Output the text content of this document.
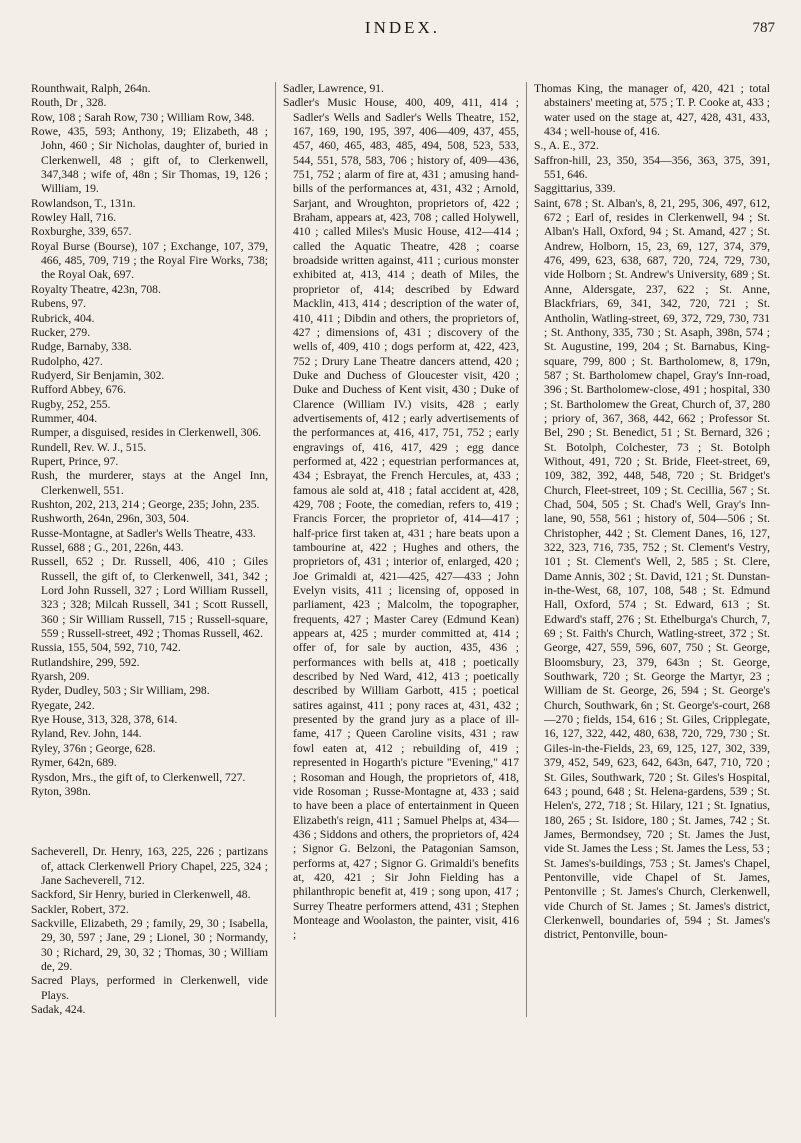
INDEX.	787

Rounthwait, Ralph, 264n.

Routh, Dr , 328.

Row, 108 ; Sarah Row, 730 ; William Row, 348.

Rowe, 435, 593; Anthony, 19; Elizabeth, 48 ; John, 460 ; Sir Nicholas, daughter of, buried in Clerkenwell, 48 ; gift of, to Clerkenwell, 347,348 ; wife of, 48n ; Sir Thomas, 19, 126 ; William, 19.

Rowlandson, T., 131n.

Rowley Hall, 716.

Roxburghe, 339, 657.

Royal Burse (Bourse), 107 ; Exchange, 107, 379, 466, 485, 709, 719 ; the Royal Fire Works, 738; the Royal Oak, 697.

Royalty Theatre, 423n, 708.

Rubens, 97.

Rubrick, 404.

Rucker, 279.

Rudge, Barnaby, 338.

Rudolpho, 427.

Rudyerd, Sir Benjamin, 302.

Rufford Abbey, 676.

Rugby, 252, 255.

Rummer, 404.

Rumper, a disguised, resides in Clerkenwell, 306.

Rundell, Rev. W. J., 515.

Rupert, Prince, 97.

Rush, the murderer, stays at the Angel Inn, Clerkenwell, 551.

Rushton, 202, 213, 214 ; George, 235; John, 235.

Rushworth, 264n, 296n, 303, 504.

Russe-Montagne, at Sadler's Wells Theatre, 433.

Russel, 688 ; G., 201, 226n, 443.

Russell, 652 ; Dr. Russell, 406, 410 ; Giles Russell, the gift of, to Clerkenwell, 341, 342 ; Lord John Russell, 327 ; Lord William Russell, 323 ; 328; Milcah Russell, 341 ; Scott Russell, 360 ; Sir William Russell, 715 ; Russell-square, 559 ; Russell-street, 492 ; Thomas Russell, 462.

Russia, 155, 504, 592, 710, 742.

Rutlandshire, 299, 592.

Ryarsh, 209.

Ryder, Dudley, 503 ; Sir William, 298.

Ryegate, 242.

Rye House, 313, 328, 378, 614.

Ryland, Rev. John, 144.

Ryley, 376n ; George, 628.

Rymer, 642n, 689.

Rysdon, Mrs., the gift of, to Clerkenwell, 727.

Ryton, 398n.

Sacheverell, Dr. Henry, 163, 225, 226 ; partizans of, attack Clerkenwell Priory Chapel, 225, 324 ; Jane Sacheverell, 712.

Sackford, Sir Henry, buried in Clerkenwell, 48.

Sackler, Robert, 372.

Sackville, Elizabeth, 29 ; family, 29, 30 ; Isabella, 29, 30, 597 ; Jane, 29 ; Lionel, 30 ; Normandy, 30 ; Richard, 29, 30, 32 ; Thomas, 30 ; William de, 29.

Sacred Plays, performed in Clerkenwell, vide Plays.

Sadak, 424.

Sadler, Lawrence, 91.

Sadler's Music House, 400, 409, 411, 414 ; Sadler's Wells and Sadler's Wells Theatre, 152, 167, 169, 190, 195, 397, 406—409, 437, 455, 457, 460, 465, 483, 485, 494, 508, 523, 533, 544, 551, 578, 583, 706 ; history of, 409—436, 751, 752 ; alarm of fire at, 431 ; amusing hand-bills of the performances at, 431, 432 ; Arnold, Sarjant, and Wroughton, proprietors of, 422 ; Braham, appears at, 423, 708 ; called Holywell, 410 ; called Miles's Music House, 412—414 ; called the Aquatic Theatre, 428 ; coarse broadside written against, 411 ; curious monster exhibited at, 413, 414 ; death of Miles, the proprietor of, 414; described by Edward Macklin, 413, 414 ; description of the water of, 410, 411 ; Dibdin and others, the proprietors of, 427 ; dimensions of, 431 ; discovery of the wells of, 409, 410 ; dogs perform at, 422, 423, 752 ; Drury Lane Theatre dancers attend, 420 ; Duke and Duchess of Gloucester visit, 420 ; Duke and Duchess of Kent visit, 430 ; Duke of Clarence (William IV.) visits, 428 ; early advertisements of, 412 ; early advertisements of the performances at, 416, 417, 751, 752 ; early engravings of, 416, 417, 429 ; egg dance performed at, 422 ; equestrian performances at, 434 ; Esbrayat, the French Hercules, at, 433 ; famous ale sold at, 418 ; fatal accident at, 428, 429, 708 ; Foote, the comedian, refers to, 419 ; Francis Forcer, the proprietor of, 414—417 ; half-price first taken at, 431 ; hare beats upon a tambourine at, 422 ; Hughes and others, the proprietors of, 431 ; interior of, enlarged, 420 ; Joe Grimaldi at, 421—425, 427—433 ; John Evelyn visits, 411 ; licensing of, opposed in parliament, 423 ; Malcolm, the topographer, frequents, 427 ; Master Carey (Edmund Kean) appears at, 425 ; murder committed at, 414 ; offer of, for sale by auction, 435, 436 ; performances with bells at, 418 ; poetically described by Ned Ward, 412, 413 ; poetically described by William Garbott, 415 ; poetical satires against, 411 ; pony races at, 431, 432 ; presented by the grand jury as a place of ill-fame, 417 ; Queen Caroline visits, 431 ; raw fowl eaten at, 412 ; rebuilding of, 419 ; represented in Hogarth's picture "Evening," 417 ; Rosoman and Hough, the proprietors of, 418, vide Rosoman ; Russe-Montagne at, 433 ; said to have been a place of entertainment in Queen Elizabeth's reign, 411 ; Samuel Phelps at, 434—436 ; Siddons and others, the proprietors of, 424 ; Signor G. Belzoni, the Patagonian Samson, performs at, 427 ; Signor G. Grimaldi's benefits at, 420, 421 ; Sir John Fielding has a philanthropic benefit at, 419 ; song upon, 417 ; Surrey Theatre performers attend, 431 ; Stephen Monteage and Woolaston, the painter, visit, 416 ;

Thomas King, the manager of, 420, 421 ; total abstainers' meeting at, 575 ; T. P. Cooke at, 433 ; water used on the stage at, 427, 428, 431, 433, 434 ; well-house of, 416.

S., A. E., 372.

Saffron-hill, 23, 350, 354—356, 363, 375, 391, 551, 646.

Saggittarius, 339.

Saint, 678 ; St. Alban's, 8, 21, 295, 306, 497, 612, 672 ; Earl of, resides in Clerkenwell, 94 ; St. Alban's Hall, Oxford, 94 ; St. Amand, 427 ; St. Andrew, Holborn, 15, 23, 69, 127, 374, 379, 476, 499, 623, 638, 687, 720, 724, 729, 730, vide Holborn ; St. Andrew's University, 689 ; St. Anne, Aldersgate, 237, 622 ; St. Anne, Blackfriars, 69, 341, 342, 720, 721 ; St. Antholin, Watling-street, 69, 372, 729, 730, 731 ; St. Anthony, 335, 730 ; St. Asaph, 398n, 574 ; St. Augustine, 199, 204 ; St. Barnabus, King-square, 799, 800 ; St. Bartholomew, 8, 179n, 587 ; St. Bartholomew chapel, Gray's Inn-road, 396 ; St. Bartholomew-close, 491 ; hospital, 330 ; St. Bartholomew the Great, Church of, 37, 280 ; priory of, 367, 368, 442, 662 ; Professor St. Bel, 290 ; St. Benedict, 51 ; St. Bernard, 326 ; St. Botolph, Colchester, 73 ; St. Botolph Without, 491, 720 ; St. Bride, Fleet-street, 69, 109, 382, 392, 448, 548, 720 ; St. Bridget's Church, Fleet-street, 109 ; St. Cecillia, 567 ; St. Chad, 504, 505 ; St. Chad's Well, Gray's Inn-lane, 90, 558, 561 ; history of, 504—506 ; St. Christopher, 442 ; St. Clement Danes, 16, 127, 322, 323, 716, 735, 752 ; St. Clement's Vestry, 101 ; St. Clement's Well, 2, 585 ; St. Clere, Dame Annis, 302 ; St. David, 121 ; St. Dunstan-in-the-West, 68, 107, 108, 548 ; St. Edmund Hall, Oxford, 574 ; St. Edward, 613 ; St. Edward's staff, 276 ; St. Ethelburga's Church, 7, 69 ; St. Faith's Church, Watling-street, 372 ; St. George, 427, 559, 596, 607, 750 ; St. George, Bloomsbury, 23, 379, 643n ; St. George, Southwark, 720 ; St. George the Martyr, 23 ; William de St. George, 26, 594 ; St. George's Church, Southwark, 6n ; St. George's-court, 268—270 ; fields, 154, 616 ; St. Giles, Cripplegate, 16, 127, 322, 442, 480, 638, 720, 729, 730 ; St. Giles-in-the-Fields, 23, 69, 125, 127, 302, 339, 379, 452, 549, 623, 642, 643n, 647, 710, 720 ; St. Giles, Southwark, 720 ; St. Giles's Hospital, 643 ; pound, 648 ; St. Helena-gardens, 539 ; St. Helen's, 272, 718 ; St. Hilary, 121 ; St. Ignatius, 180, 265 ; St. Isidore, 180 ; St. James, 742 ; St. James, Bermondsey, 720 ; St. James the Just, vide St. James the Less ; St. James the Less, 53 ; St. James's-buildings, 753 ; St. James's Chapel, Pentonville, vide Chapel of St. James, Pentonville ; St. James's Church, Clerkenwell, vide Church of St. James ; St. James's district, Clerkenwell, boundaries of, 594 ; St. James's district, Pentonville, boun-
